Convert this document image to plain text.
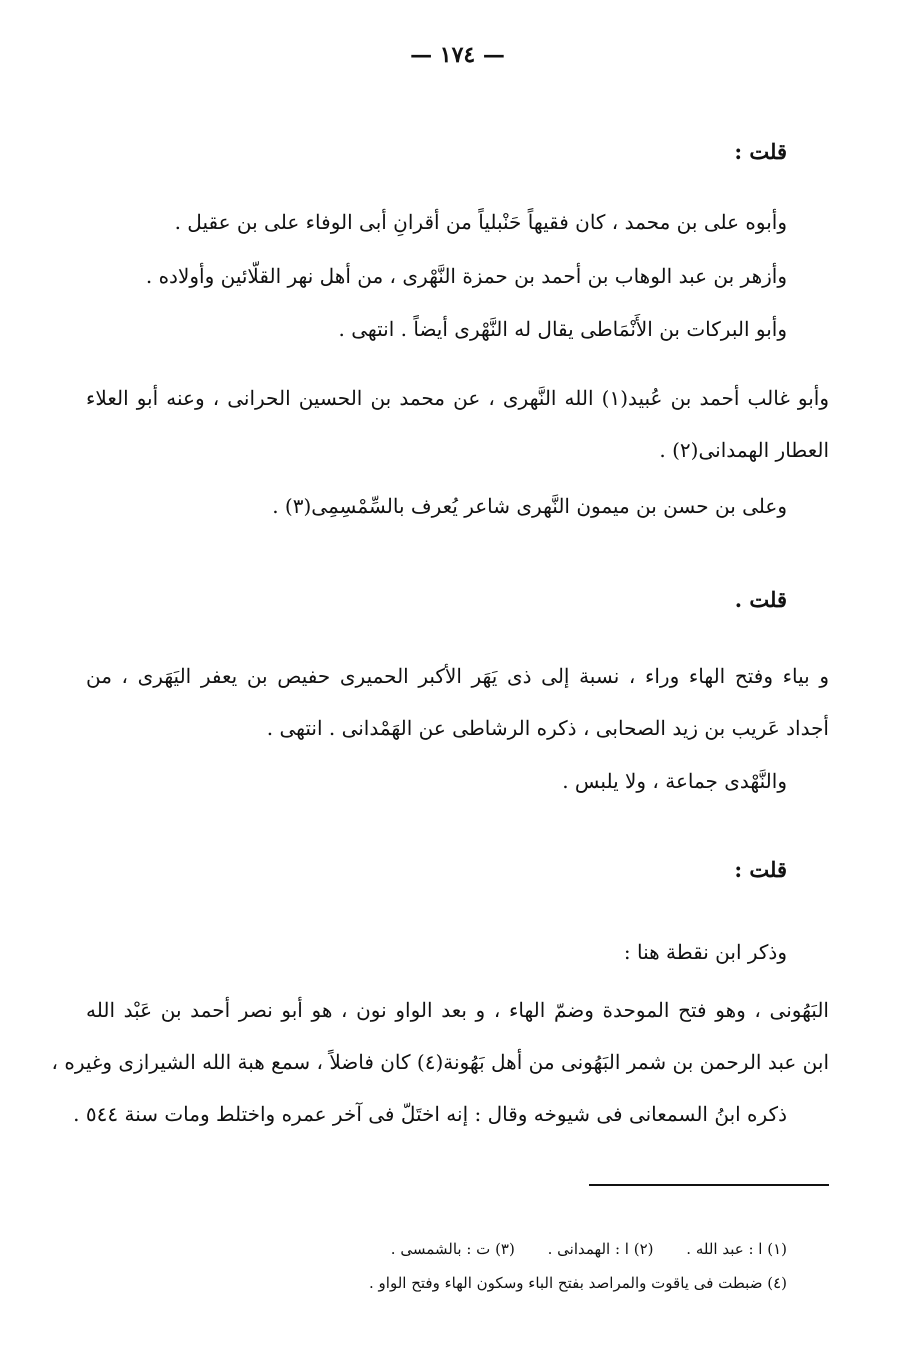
— ١٧٤ —
قلت :
وأبوه على بن محمد ، كان فقيهاً حَنْبلياً من أقرانِ أبى الوفاء على بن عقيل .
وأزهر بن عبد الوهاب بن أحمد بن حمزة النَّهْرى ، من أهل نهر القلّائين وأولاده .
وأبو البركات بن الأَنْمَاطى يقال له النَّهْرى أيضاً . انتهى .
وأبو غالب أحمد بن عُبيد(١) الله النَّهرى ، عن محمد بن الحسين الحرانى ، وعنه أبو العلاء
العطار الهمدانى(٢) .
وعلى بن حسن بن ميمون النَّهرى شاعر يُعرف بالسِّمْسِمِى(٣) .
قلت .
و بياء وفتح الهاء وراء ، نسبة إلى ذى يَهَر الأكبر الحميرى حفيص بن يعفر اليَهَرى ، من
أجداد عَريب بن زيد الصحابى ، ذكره الرشاطى عن الهَمْدانى . انتهى .
والنَّهْدى جماعة ، ولا يلبس .
قلت :
وذكر ابن نقطة هنا :
البَهُونى ، وهو فتح الموحدة وضمّ الهاء ، و بعد الواو نون ، هو أبو نصر أحمد بن عَبْد الله
ابن عبد الرحمن بن شمر البَهُونى من أهل بَهُونة(٤) كان فاضلاً ، سمع هبة الله الشيرازى وغيره ،
ذكره ابنُ السمعانى فى شيوخه وقال : إنه اختَلّ فى آخر عمره واختلط ومات سنة ٥٤٤ .
(١) ا : عبد الله . (٢) ا : الهمدانى . (٣) ت : بالشمسى .
(٤) ضبطت فى ياقوت والمراصد بفتح الباء وسكون الهاء وفتح الواو .
